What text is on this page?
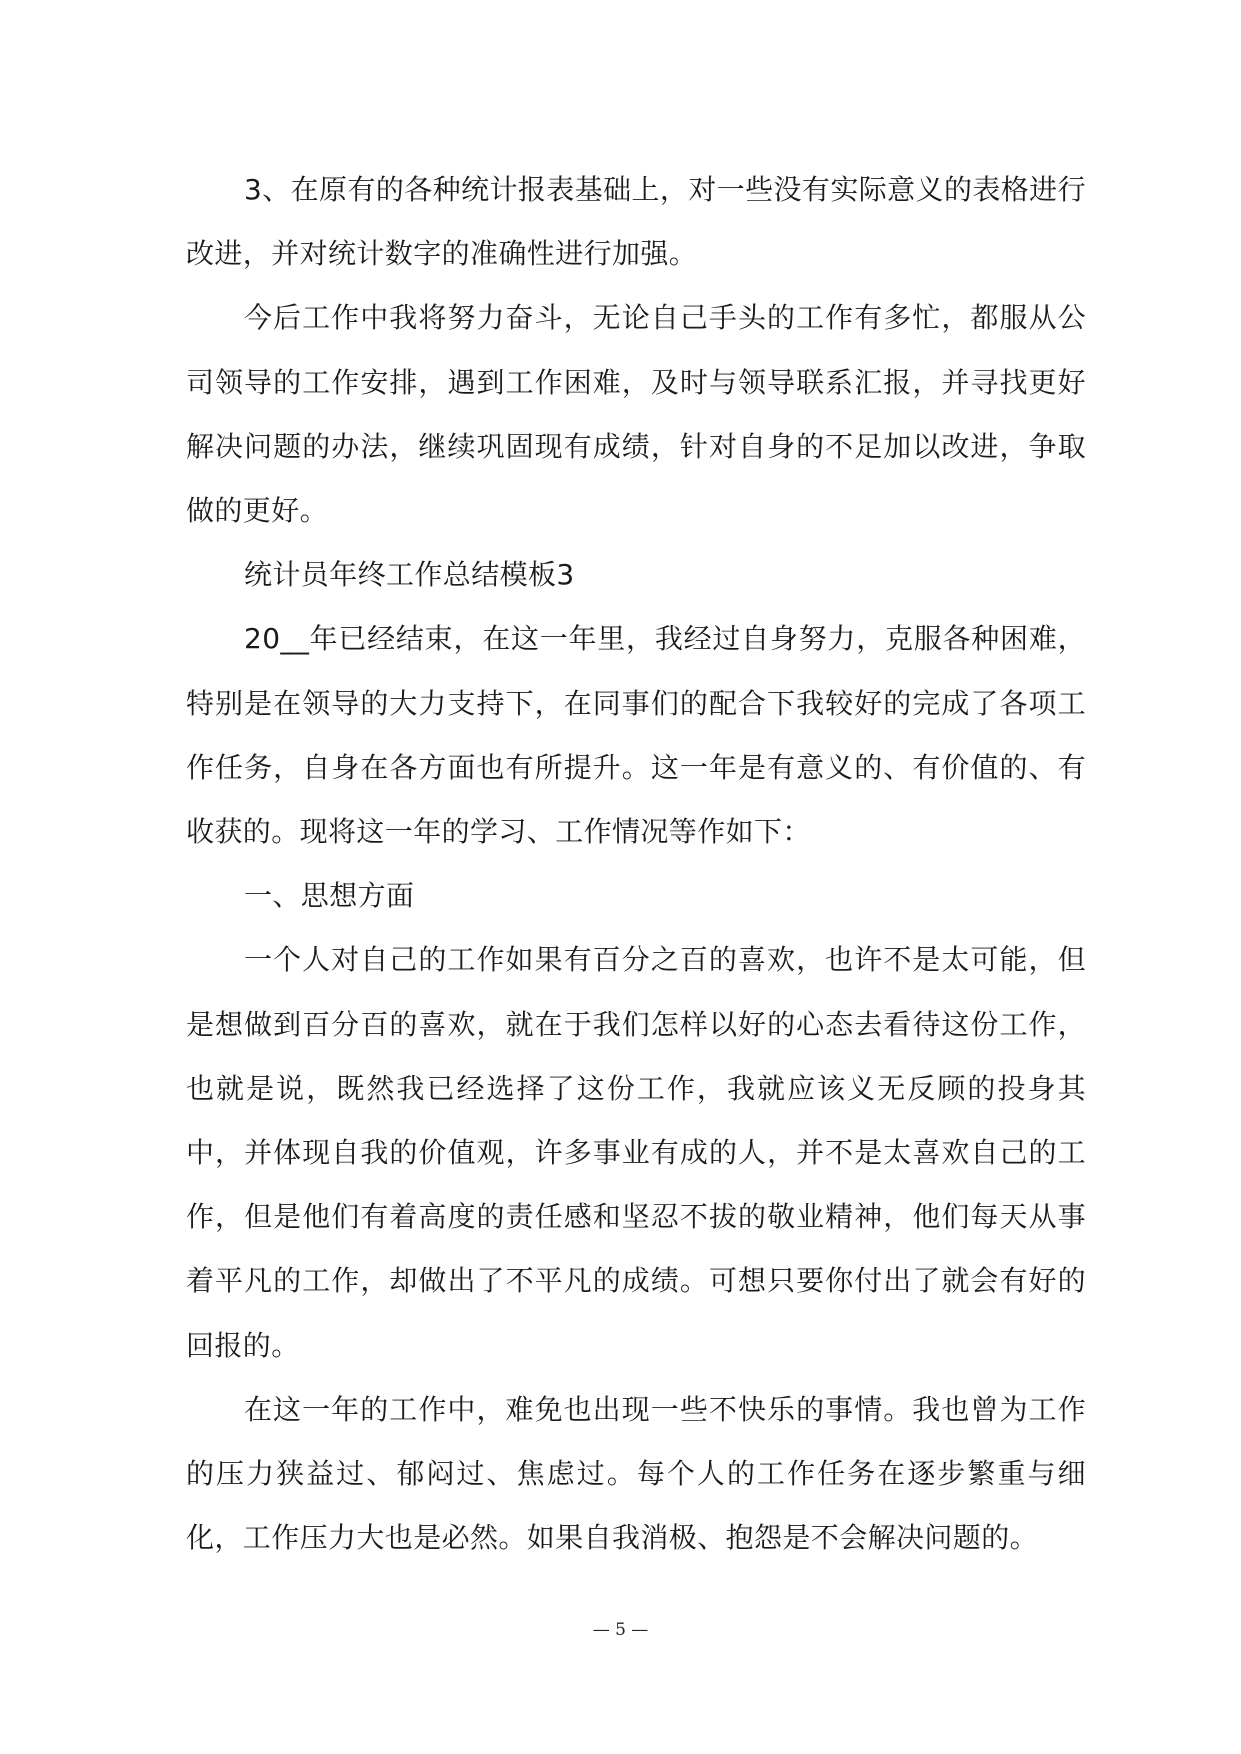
3、在原有的各种统计报表基础上，对一些没有实际意义的表格进行改进，并对统计数字的准确性进行加强。

今后工作中我将努力奋斗，无论自己手头的工作有多忙，都服从公司领导的工作安排，遇到工作困难，及时与领导联系汇报，并寻找更好解决问题的办法，继续巩固现有成绩，针对自身的不足加以改进，争取做的更好。

统计员年终工作总结模板3

20__年已经结束，在这一年里，我经过自身努力，克服各种困难，特别是在领导的大力支持下，在同事们的配合下我较好的完成了各项工作任务，自身在各方面也有所提升。这一年是有意义的、有价值的、有收获的。现将这一年的学习、工作情况等作如下：

一、思想方面

一个人对自己的工作如果有百分之百的喜欢，也许不是太可能，但是想做到百分百的喜欢，就在于我们怎样以好的心态去看待这份工作，也就是说，既然我已经选择了这份工作，我就应该义无反顾的投身其中，并体现自我的价值观，许多事业有成的人，并不是太喜欢自己的工作，但是他们有着高度的责任感和坚忍不拔的敬业精神，他们每天从事着平凡的工作，却做出了不平凡的成绩。可想只要你付出了就会有好的回报的。

在这一年的工作中，难免也出现一些不快乐的事情。我也曾为工作的压力狭益过、郁闷过、焦虑过。每个人的工作任务在逐步繁重与细化，工作压力大也是必然。如果自我消极、抱怨是不会解决问题的。

— 5 —
